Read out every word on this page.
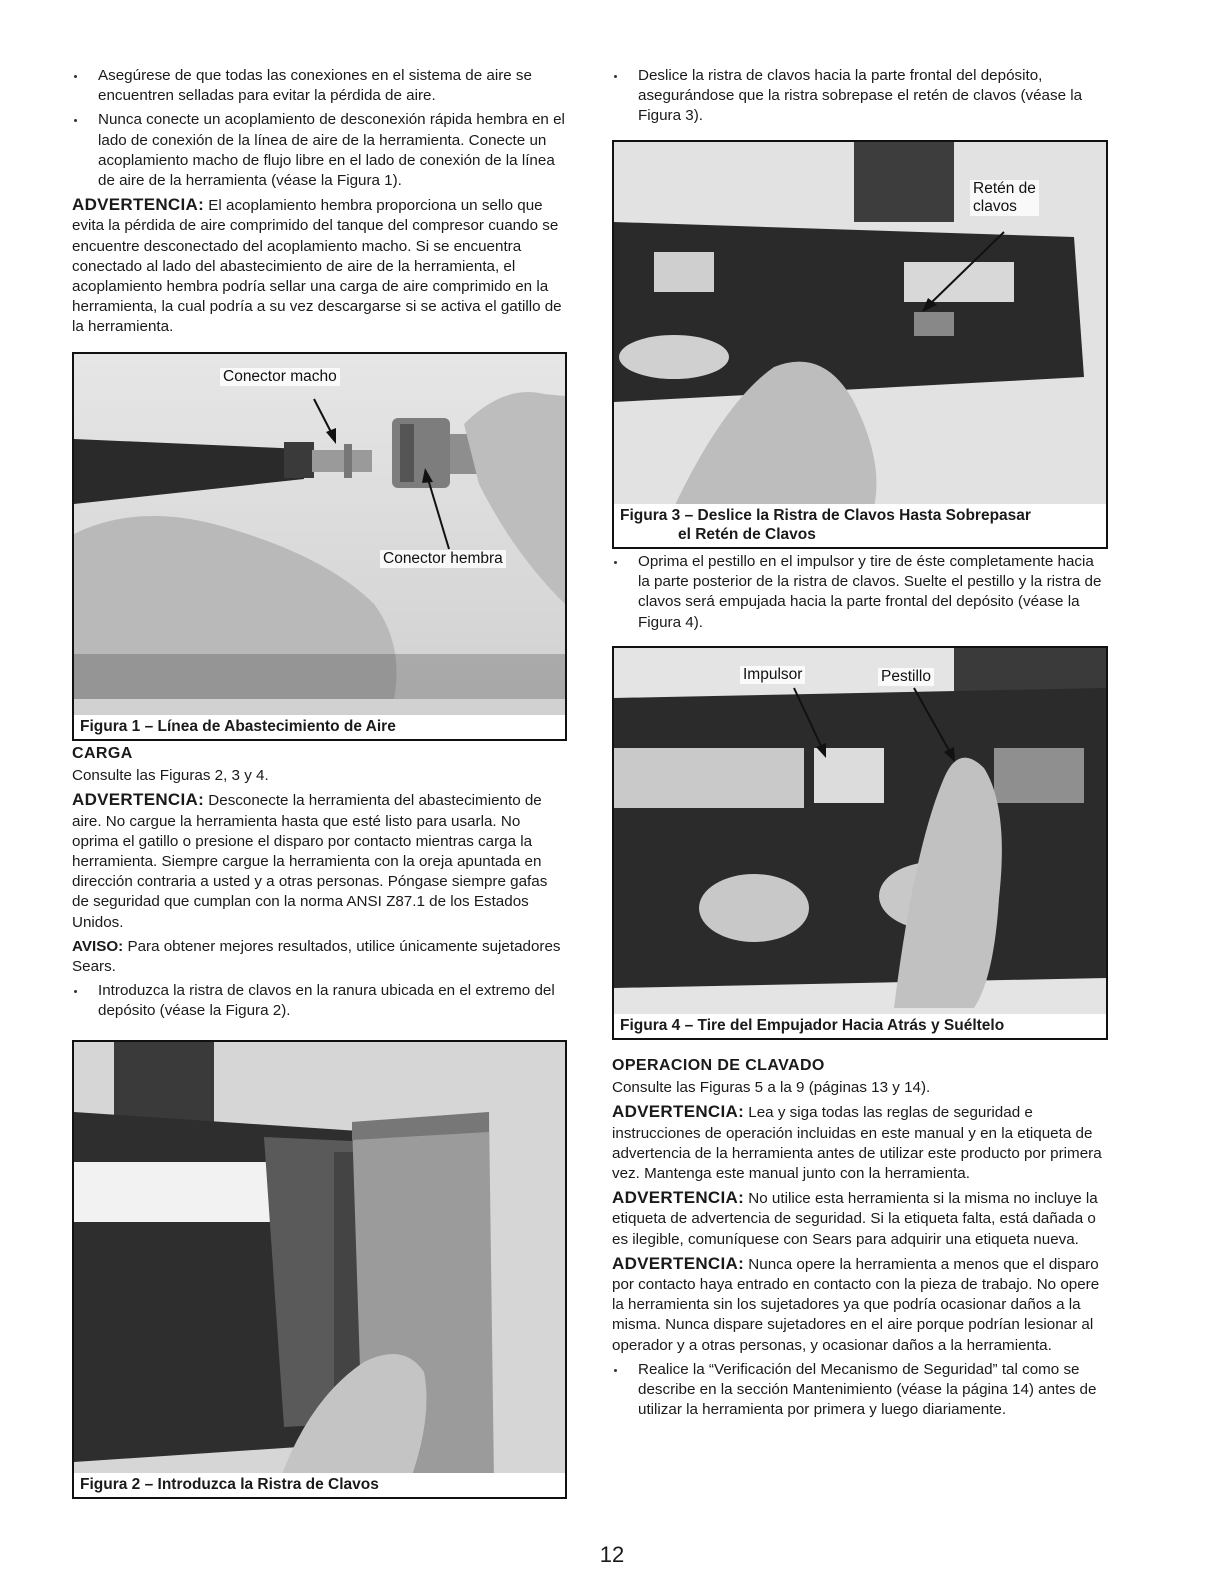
Asegúrese de que todas las conexiones en el sistema de aire se encuentren selladas para evitar la pérdida de aire.

Nunca conecte un acoplamiento de desconexión rápida hembra en el lado de conexión de la línea de aire de la herramienta. Conecte un acoplamiento macho de flujo libre en el lado de conexión de la línea de aire de la herramienta (véase la Figura 1).

ADVERTENCIA: El acoplamiento hembra proporciona un sello que evita la pérdida de aire comprimido del tanque del compresor cuando se encuentre desconectado del acoplamiento macho. Si se encuentra conectado al lado del abastecimiento de aire de la herramienta, el acoplamiento hembra podría sellar una carga de aire comprimido en la herramienta, la cual podría a su vez descargarse si se activa el gatillo de la herramienta.

Conector macho
Conector hembra
Figura 1 – Línea de Abastecimiento de Aire

CARGA

Consulte las Figuras 2, 3 y 4.

ADVERTENCIA: Desconecte la herramienta del abastecimiento de aire. No cargue la herramienta hasta que esté listo para usarla. No oprima el gatillo o presione el disparo por contacto mientras carga la herramienta. Siempre cargue la herramienta con la oreja apuntada en dirección contraria a usted y a otras personas. Póngase siempre gafas de seguridad que cumplan con la norma ANSI Z87.1 de los Estados Unidos.

AVISO: Para obtener mejores resultados, utilice únicamente sujetadores Sears.

Introduzca la ristra de clavos en la ranura ubicada en el extremo del depósito (véase la Figura 2).

Figura 2 – Introduzca la Ristra de Clavos

Deslice la ristra de clavos hacia la parte frontal del depósito, asegurándose que la ristra sobrepase el retén de clavos (véase la Figura 3).

Retén de
clavos
Figura 3 – Deslice la Ristra de Clavos Hasta Sobrepasar
el Retén de Clavos

Oprima el pestillo en el impulsor y tire de éste completamente hacia la parte posterior de la ristra de clavos. Suelte el pestillo y la ristra de clavos será empujada hacia la parte frontal del depósito (véase la Figura 4).

Impulsor	Pestillo
Figura 4 – Tire del Empujador Hacia Atrás y Suéltelo

OPERACION DE CLAVADO

Consulte las Figuras 5 a la 9 (páginas 13 y 14).

ADVERTENCIA: Lea y siga todas las reglas de seguridad e instrucciones de operación incluidas en este manual y en la etiqueta de advertencia de la herramienta antes de utilizar este producto por primera vez. Mantenga este manual junto con la herramienta.

ADVERTENCIA: No utilice esta herramienta si la misma no incluye la etiqueta de advertencia de seguridad. Si la etiqueta falta, está dañada o es ilegible, comuníquese con Sears para adquirir una etiqueta nueva.

ADVERTENCIA: Nunca opere la herramienta a menos que el disparo por contacto haya entrado en contacto con la pieza de trabajo. No opere la herramienta sin los sujetadores ya que podría ocasionar daños a la misma. Nunca dispare sujetadores en el aire porque podrían lesionar al operador y a otras personas, y ocasionar daños a la herramienta.

Realice la “Verificación del Mecanismo de Seguridad” tal como se describe en la sección Mantenimiento (véase la página 14) antes de utilizar la herramienta por primera y luego diariamente.

12
